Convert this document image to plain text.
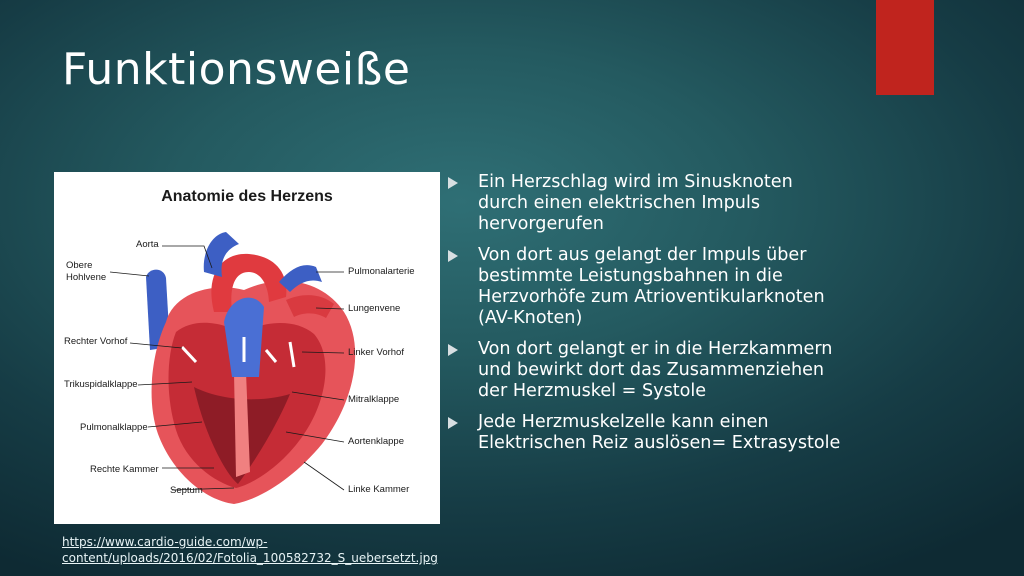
Funktionsweiße
Anatomie des Herzens
Aorta
Obere
Hohlvene
Rechter Vorhof
Trikuspidalklappe
Pulmonalklappe
Rechte Kammer
Septum
Pulmonalarterie
Lungenvene
Linker Vorhof
Mitralklappe
Aortenklappe
Linke Kammer
Ein Herzschlag wird im Sinusknoten durch einen elektrischen Impuls hervorgerufen
Von dort aus gelangt der Impuls über bestimmte Leistungsbahnen in die Herzvorhöfe zum Atrioventikularknoten (AV-Knoten)
Von dort gelangt er in die Herzkammern und bewirkt dort das Zusammenziehen der Herzmuskel = Systole
Jede Herzmuskelzelle kann einen Elektrischen Reiz auslösen= Extrasystole
https://www.cardio-guide.com/wp-
content/uploads/2016/02/Fotolia_100582732_S_uebersetzt.jpg
